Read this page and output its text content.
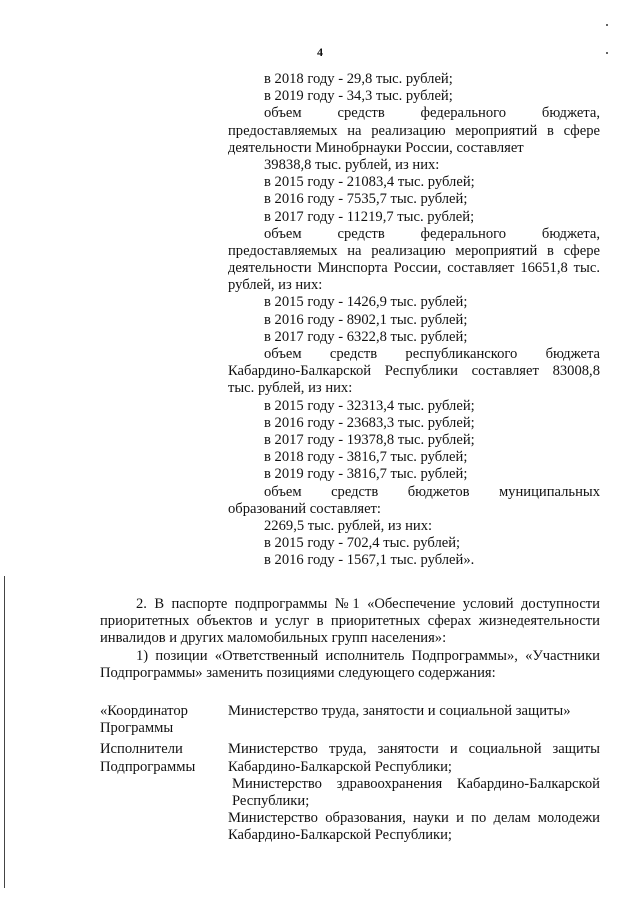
4
в 2018 году - 29,8 тыс. рублей;
в 2019 году - 34,3 тыс. рублей;
объем средств федерального бюджета,
предоставляемых на реализацию мероприятий в сфере
деятельности Минобрнауки России, составляет
39838,8 тыс. рублей, из них:
в 2015 году - 21083,4 тыс. рублей;
в 2016 году - 7535,7 тыс. рублей;
в 2017 году - 11219,7 тыс. рублей;
объем средств федерального бюджета,
предоставляемых на реализацию мероприятий в сфере
деятельности Минспорта России, составляет 16651,8 тыс.
рублей, из них:
в 2015 году - 1426,9 тыс. рублей;
в 2016 году - 8902,1 тыс. рублей;
в 2017 году - 6322,8 тыс. рублей;
объем средств республиканского бюджета
Кабардино-Балкарской Республики составляет 83008,8
тыс. рублей, из них:
в 2015 году - 32313,4 тыс. рублей;
в 2016 году - 23683,3 тыс. рублей;
в 2017 году - 19378,8 тыс. рублей;
в 2018 году - 3816,7 тыс. рублей;
в 2019 году - 3816,7 тыс. рублей;
объем средств бюджетов муниципальных
образований составляет:
2269,5 тыс. рублей, из них:
в 2015 году - 702,4 тыс. рублей;
в 2016 году - 1567,1 тыс. рублей».
2. В паспорте подпрограммы №1 «Обеспечение условий доступности приоритетных объектов и услуг в приоритетных сферах жизнедеятельности инвалидов и других маломобильных групп населения»:
1) позиции «Ответственный исполнитель Подпрограммы», «Участники Подпрограммы» заменить позициями следующего содержания:
«Координатор
Программы
Министерство труда, занятости и социальной защиты»
Исполнители
Подпрограммы
Министерство труда, занятости и социальной защиты Кабардино-Балкарской Республики;
Министерство здравоохранения Кабардино-Балкарской Республики;
Министерство образования, науки и по делам молодежи Кабардино-Балкарской Республики;
